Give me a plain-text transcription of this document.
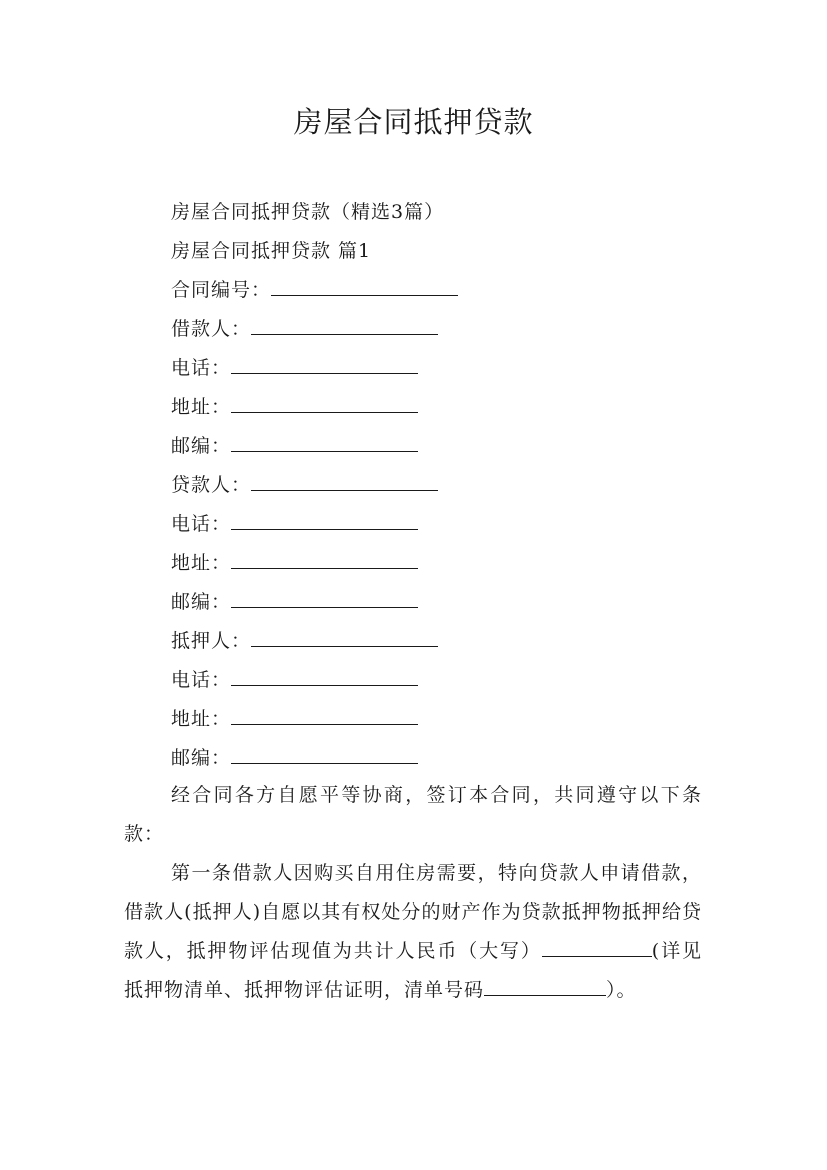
房屋合同抵押贷款
房屋合同抵押贷款（精选3篇）
房屋合同抵押贷款 篇1
合同编号：
借款人：
电话：
地址：
邮编：
贷款人：
电话：
地址：
邮编：
抵押人：
电话：
地址：
邮编：
经合同各方自愿平等协商，签订本合同，共同遵守以下条款：
第一条借款人因购买自用住房需要，特向贷款人申请借款，借款人(抵押人)自愿以其有权处分的财产作为贷款抵押物抵押给贷款人，抵押物评估现值为共计人民币（大写）	(详见抵押物清单、抵押物评估证明，清单号码	）。
